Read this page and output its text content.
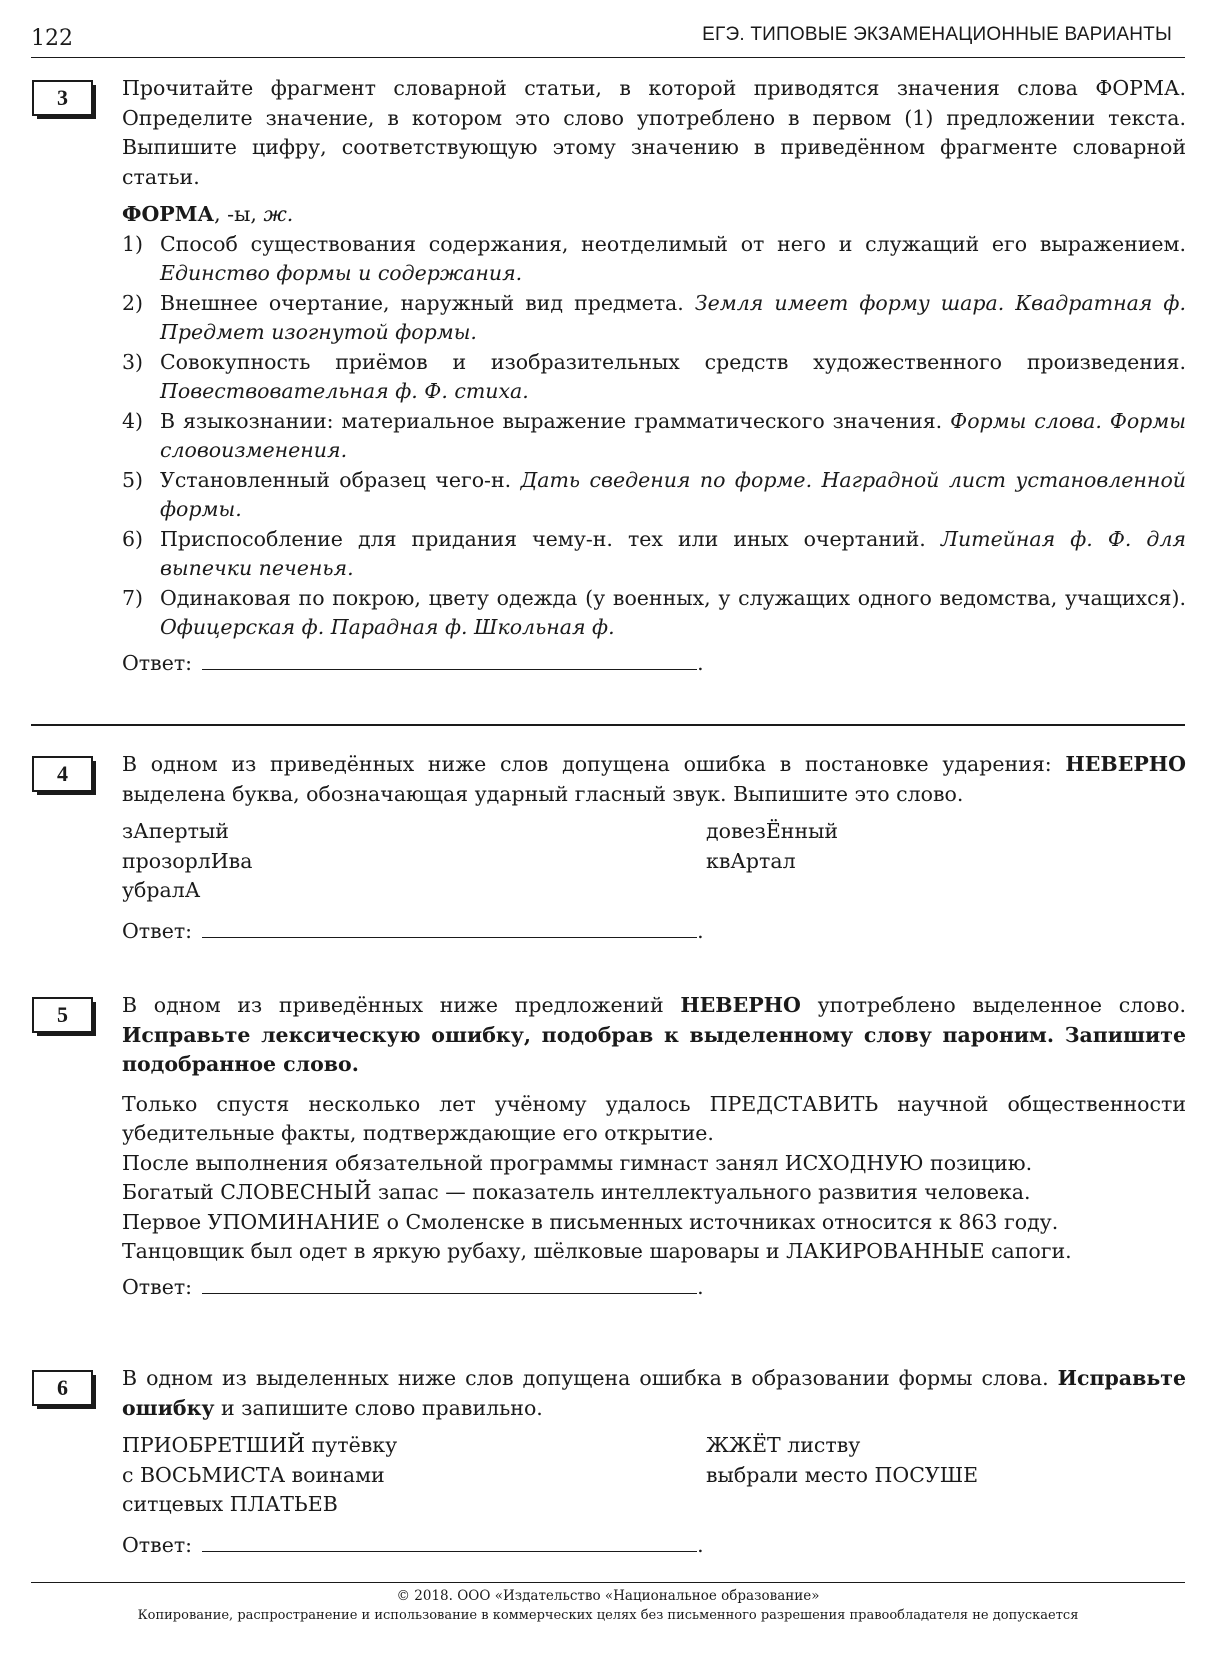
122	ЕГЭ. ТИПОВЫЕ ЭКЗАМЕНАЦИОННЫЕ ВАРИАНТЫ
3	Прочитайте фрагмент словарной статьи, в которой приводятся значения слова ФОРМА. Определите значение, в котором это слово употреблено в первом (1) предложении текста. Выпишите цифру, соответствующую этому значению в приведённом фрагменте словарной статьи.

ФОРМА, -ы, ж.
1) Способ существования содержания, неотделимый от него и служащий его выражением. Единство формы и содержания.
2) Внешнее очертание, наружный вид предмета. Земля имеет форму шара. Квадратная ф. Предмет изогнутой формы.
3) Совокупность приёмов и изобразительных средств художественного произведения. Повествовательная ф. Ф. стиха.
4) В языкознании: материальное выражение грамматического значения. Формы слова. Формы словоизменения.
5) Установленный образец чего-н. Дать сведения по форме. Наградной лист установленной формы.
6) Приспособление для придания чему-н. тех или иных очертаний. Литейная ф. Ф. для выпечки печенья.
7) Одинаковая по покрою, цвету одежда (у военных, у служащих одного ведомства, учащихся). Офицерская ф. Парадная ф. Школьная ф.
Ответ:	.
4	В одном из приведённых ниже слов допущена ошибка в постановке ударения: НЕВЕРНО выделена буква, обозначающая ударный гласный звук. Выпишите это слово.

зАпертый
прозорлИва
убралА
довезЁнный
квАртал
Ответ:	.
5	В одном из приведённых ниже предложений НЕВЕРНО употреблено выделенное слово. Исправьте лексическую ошибку, подобрав к выделенному слову пароним. Запишите подобранное слово.

Только спустя несколько лет учёному удалось ПРЕДСТАВИТЬ научной общественности убедительные факты, подтверждающие его открытие.

После выполнения обязательной программы гимнаст занял ИСХОДНУЮ позицию.

Богатый СЛОВЕСНЫЙ запас — показатель интеллектуального развития человека.

Первое УПОМИНАНИЕ о Смоленске в письменных источниках относится к 863 году.

Танцовщик был одет в яркую рубаху, шёлковые шаровары и ЛАКИРОВАННЫЕ сапоги.

Ответ:	.
6	В одном из выделенных ниже слов допущена ошибка в образовании формы слова. Исправьте ошибку и запишите слово правильно.

ПРИОБРЕТШИЙ путёвку
с ВОСЬМИСТА воинами
ситцевых ПЛАТЬЕВ
ЖЖЁТ листву
выбрали место ПОСУШЕ
Ответ:	.
© 2018. ООО «Издательство «Национальное образование»
Копирование, распространение и использование в коммерческих целях без письменного разрешения правообладателя не допускается
